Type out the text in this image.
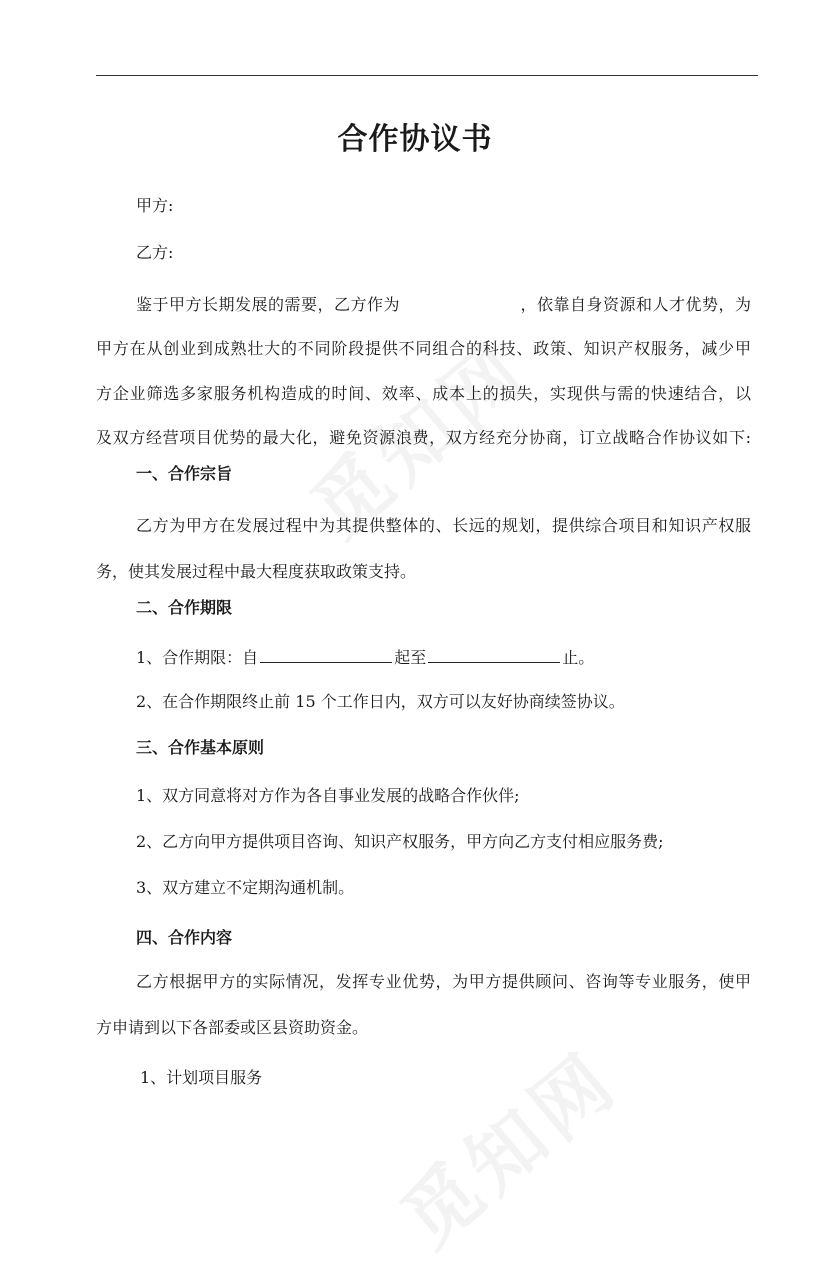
合作协议书
甲方:
乙方:
鉴于甲方长期发展的需要，乙方作为	，依靠自身资源和人才优势，为
甲方在从创业到成熟壮大的不同阶段提供不同组合的科技、政策、知识产权服务，减少甲
方企业筛选多家服务机构造成的时间、效率、成本上的损失，实现供与需的快速结合，以
及双方经营项目优势的最大化，避免资源浪费，双方经充分协商，订立战略合作协议如下:
一、合作宗旨
乙方为甲方在发展过程中为其提供整体的、长远的规划，提供综合项目和知识产权服
务，使其发展过程中最大程度获取政策支持。
二、合作期限
1、合作期限：自	起至	止。
2、在合作期限终止前 15 个工作日内，双方可以友好协商续签协议。
三、合作基本原则
1、双方同意将对方作为各自事业发展的战略合作伙伴;
2、乙方向甲方提供项目咨询、知识产权服务，甲方向乙方支付相应服务费;
3、双方建立不定期沟通机制。
四、合作内容
乙方根据甲方的实际情况，发挥专业优势，为甲方提供顾问、咨询等专业服务，使甲
方申请到以下各部委或区县资助资金。
1、计划项目服务
